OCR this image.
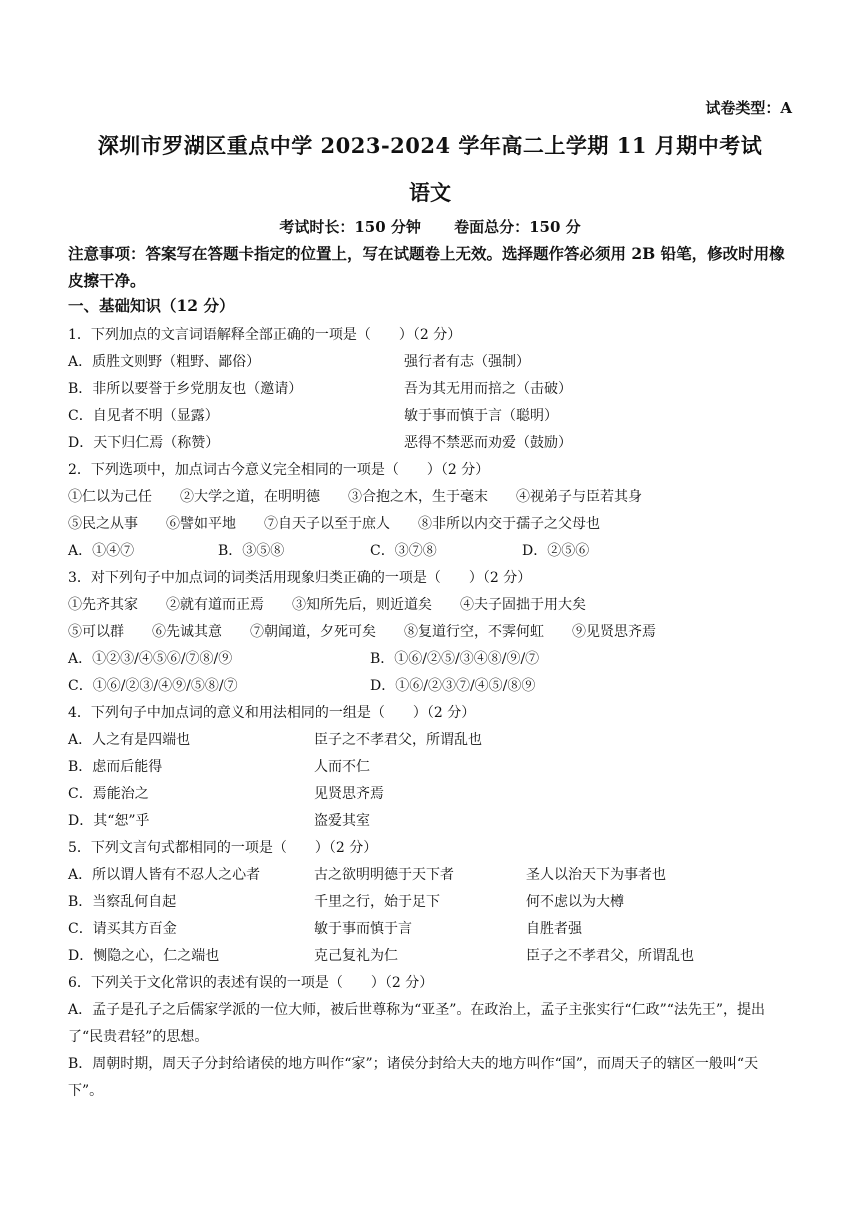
试卷类型：A
深圳市罗湖区重点中学 2023-2024 学年高二上学期 11 月期中考试
语文
考试时长：150 分钟 卷面总分：150 分
注意事项：答案写在答题卡指定的位置上，写在试题卷上无效。选择题作答必须用 2B 铅笔，修改时用橡皮擦干净。
一、基础知识（12 分）
1．下列加点的文言词语解释全部正确的一项是（　　）（2 分）
A．质胜文则野（粗野、鄙俗）	强行者有志（强制）
B．非所以要誉于乡党朋友也（邀请）	吾为其无用而掊之（击破）
C．自见者不明（显露）	敏于事而慎于言（聪明）
D．天下归仁焉（称赞）	恶得不禁恶而劝爱（鼓励）
2．下列选项中，加点词古今意义完全相同的一项是（　　）（2 分）
①仁以为己任　　②大学之道，在明明德　　③合抱之木，生于毫末　　④视弟子与臣若其身
⑤民之从事　　⑥譬如平地　　⑦自天子以至于庶人　　⑧非所以内交于孺子之父母也
A．①④⑦	B．③⑤⑧	C．③⑦⑧	D．②⑤⑥
3．对下列句子中加点词的词类活用现象归类正确的一项是（　　）（2 分）
①先齐其家　　②就有道而正焉　　③知所先后，则近道矣　　④夫子固拙于用大矣
⑤可以群　　⑥先诚其意　　⑦朝闻道，夕死可矣　　⑧复道行空，不霁何虹　　⑨见贤思齐焉
A．①②③/④⑤⑥/⑦⑧/⑨	B．①⑥/②⑤/③④⑧/⑨/⑦
C．①⑥/②③/④⑨/⑤⑧/⑦	D．①⑥/②③⑦/④⑤/⑧⑨
4．下列句子中加点词的意义和用法相同的一组是（　　）（2 分）
A．人之有是四端也	臣子之不孝君父，所谓乱也
B．虑而后能得	人而不仁
C．焉能治之	见贤思齐焉
D．其“恕”乎	盗爱其室
5．下列文言句式都相同的一项是（　　）（2 分）
A．所以谓人皆有不忍人之心者	古之欲明明德于天下者	圣人以治天下为事者也
B．当察乱何自起	千里之行，始于足下	何不虑以为大樽
C．请买其方百金	敏于事而慎于言	自胜者强
D．恻隐之心，仁之端也	克己复礼为仁	臣子之不孝君父，所谓乱也
6．下列关于文化常识的表述有误的一项是（　　）（2 分）
A．孟子是孔子之后儒家学派的一位大师，被后世尊称为“亚圣”。在政治上，孟子主张实行“仁政”“法先王”，提出了“民贵君轻”的思想。
B．周朝时期，周天子分封给诸侯的地方叫作“家”；诸侯分封给大夫的地方叫作“国”，而周天子的辖区一般叫“天下”。
